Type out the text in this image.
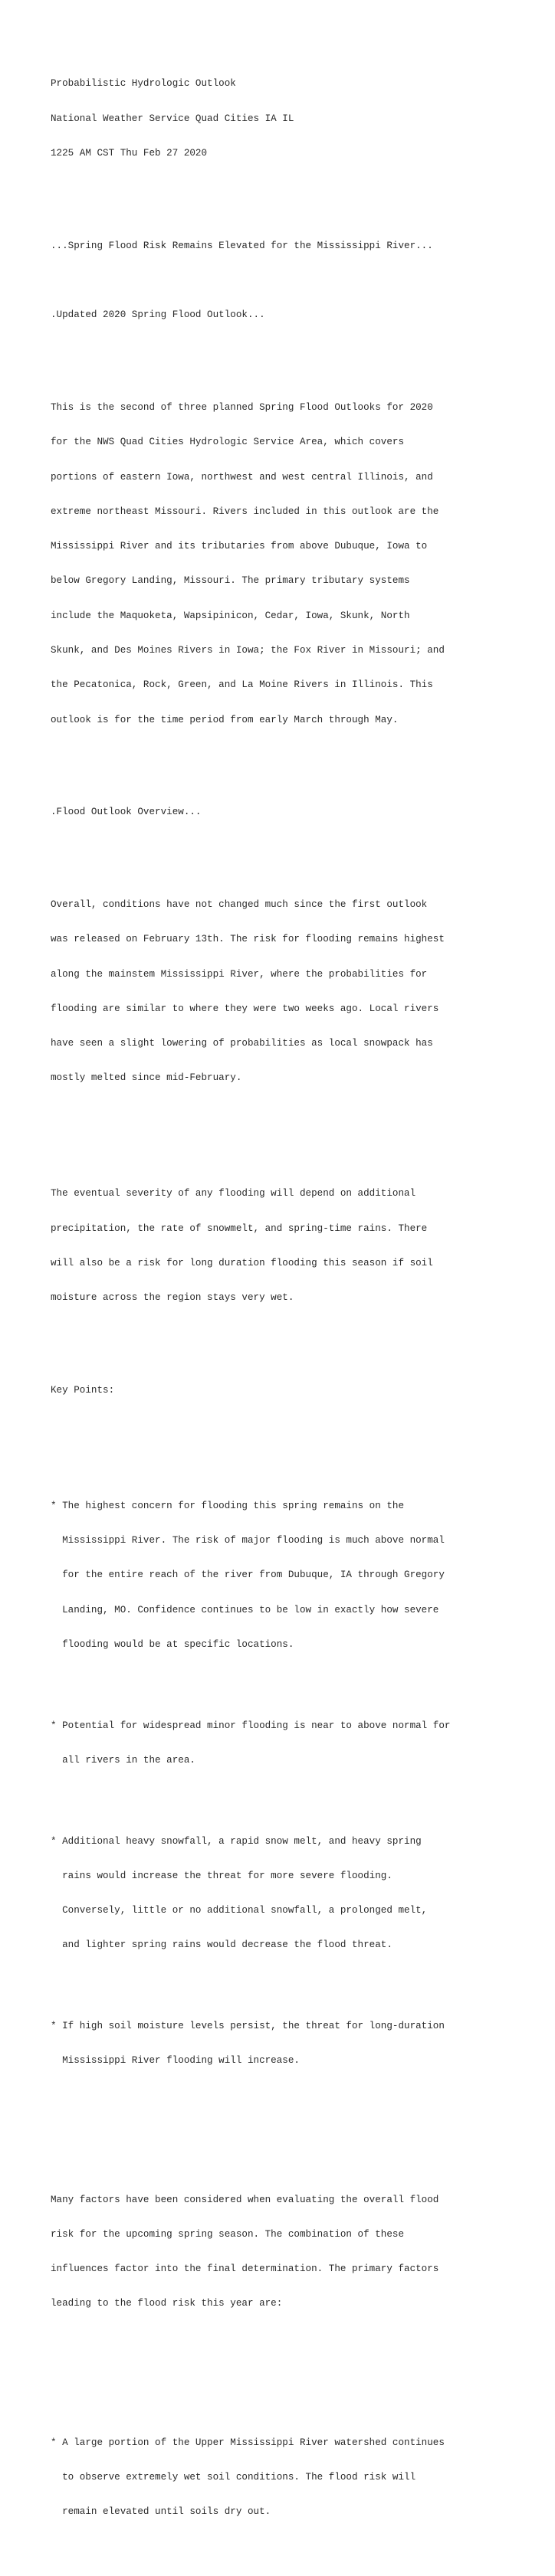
Probabilistic Hydrologic Outlook

National Weather Service Quad Cities IA IL

1225 AM CST Thu Feb 27 2020

...Spring Flood Risk Remains Elevated for the Mississippi River...

.Updated 2020 Spring Flood Outlook...

This is the second of three planned Spring Flood Outlooks for 2020

for the NWS Quad Cities Hydrologic Service Area, which covers

portions of eastern Iowa, northwest and west central Illinois, and

extreme northeast Missouri. Rivers included in this outlook are the

Mississippi River and its tributaries from above Dubuque, Iowa to

below Gregory Landing, Missouri. The primary tributary systems

include the Maquoketa, Wapsipinicon, Cedar, Iowa, Skunk, North

Skunk, and Des Moines Rivers in Iowa; the Fox River in Missouri; and

the Pecatonica, Rock, Green, and La Moine Rivers in Illinois. This

outlook is for the time period from early March through May.

.Flood Outlook Overview...

Overall, conditions have not changed much since the first outlook

was released on February 13th. The risk for flooding remains highest

along the mainstem Mississippi River, where the probabilities for

flooding are similar to where they were two weeks ago. Local rivers

have seen a slight lowering of probabilities as local snowpack has

mostly melted since mid-February.

The eventual severity of any flooding will depend on additional

precipitation, the rate of snowmelt, and spring-time rains. There

will also be a risk for long duration flooding this season if soil

moisture across the region stays very wet.

Key Points:

* The highest concern for flooding this spring remains on the

Mississippi River. The risk of major flooding is much above normal

for the entire reach of the river from Dubuque, IA through Gregory

Landing, MO. Confidence continues to be low in exactly how severe

flooding would be at specific locations.

* Potential for widespread minor flooding is near to above normal for

all rivers in the area.

* Additional heavy snowfall, a rapid snow melt, and heavy spring

rains would increase the threat for more severe flooding.

Conversely, little or no additional snowfall, a prolonged melt,

and lighter spring rains would decrease the flood threat.

* If high soil moisture levels persist, the threat for long-duration

Mississippi River flooding will increase.

Many factors have been considered when evaluating the overall flood

risk for the upcoming spring season. The combination of these

influences factor into the final determination. The primary factors

leading to the flood risk this year are:

* A large portion of the Upper Mississippi River watershed continues

to observe extremely wet soil conditions. The flood risk will

remain elevated until soils dry out.
